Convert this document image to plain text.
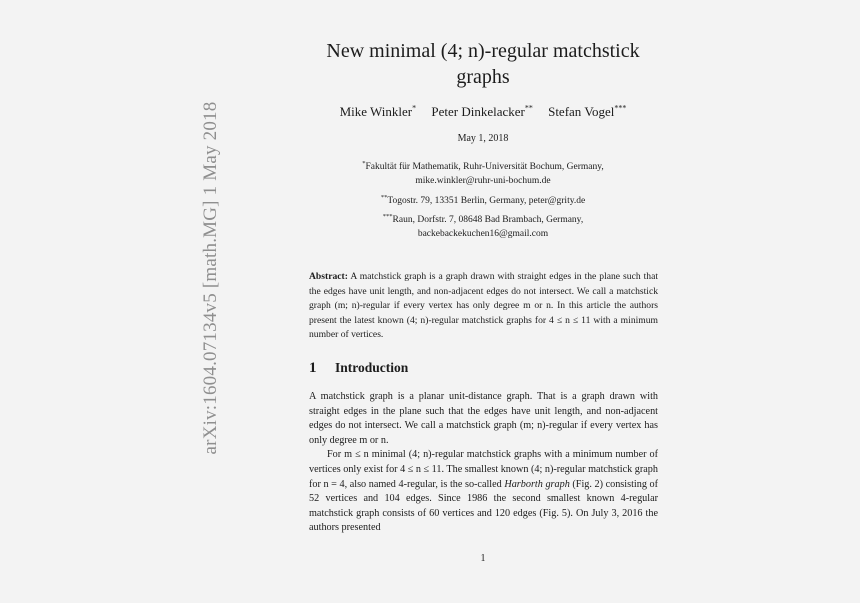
arXiv:1604.07134v5 [math.MG] 1 May 2018
New minimal (4; n)-regular matchstick
graphs
Mike Winkler* Peter Dinkelacker** Stefan Vogel***
May 1, 2018
*Fakultät für Mathematik, Ruhr-Universität Bochum, Germany,
mike.winkler@ruhr-uni-bochum.de
**Togostr. 79, 13351 Berlin, Germany, peter@grity.de
***Raun, Dorfstr. 7, 08648 Bad Brambach, Germany,
backebackekuchen16@gmail.com
Abstract: A matchstick graph is a graph drawn with straight edges in the plane such that the edges have unit length, and non-adjacent edges do not intersect. We call a matchstick graph (m; n)-regular if every vertex has only degree m or n. In this article the authors present the latest known (4; n)-regular matchstick graphs for 4 ≤ n ≤ 11 with a minimum number of vertices.
1 Introduction

A matchstick graph is a planar unit-distance graph. That is a graph drawn with straight edges in the plane such that the edges have unit length, and non-adjacent edges do not intersect. We call a matchstick graph (m; n)-regular if every vertex has only degree m or n.

For m ≤ n minimal (4; n)-regular matchstick graphs with a minimum number of vertices only exist for 4 ≤ n ≤ 11. The smallest known (4; n)-regular matchstick graph for n = 4, also named 4-regular, is the so-called Harborth graph (Fig. 2) consisting of 52 vertices and 104 edges. Since 1986 the second smallest known 4-regular matchstick graph consists of 60 vertices and 120 edges (Fig. 5). On July 3, 2016 the authors presented

1
